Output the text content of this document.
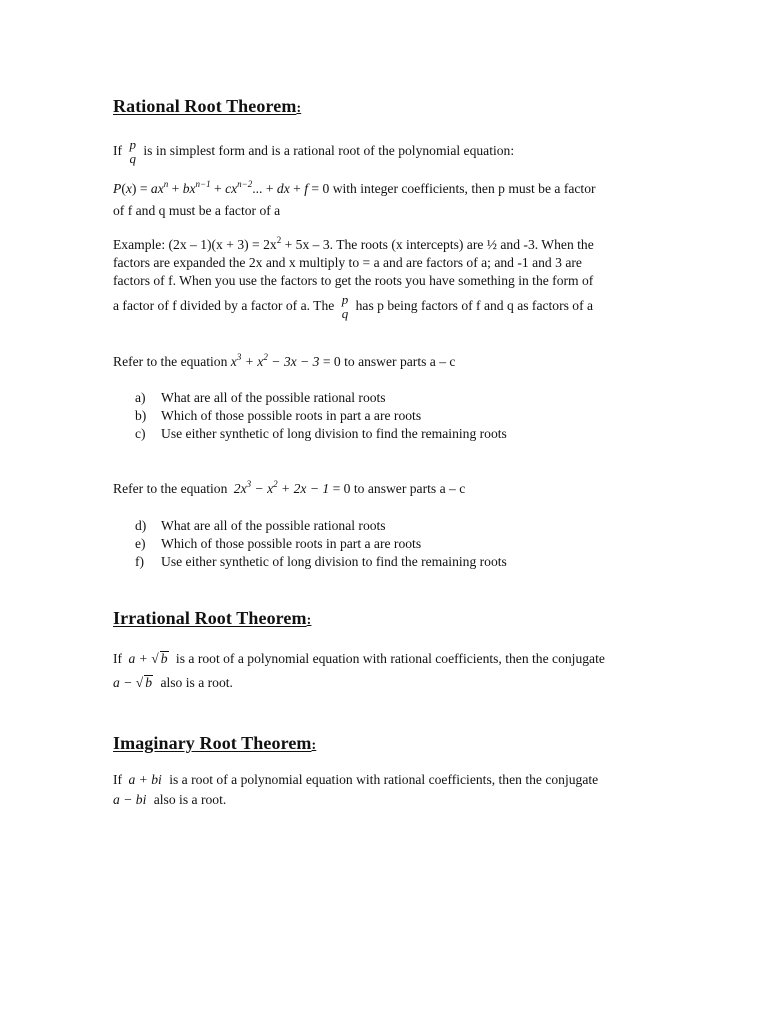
Rational Root Theorem:
If p
q
is in simplest form and is a rational root of the polynomial equation:
$P(x) = ax^n + bx^{n-1} + cx^{n-2}$... + dx + f = 0 with integer coefficients, then p must be a factor
of f and q must be a factor of a
Example: $(2x - 1)(x + 3) = 2x^2 + 5x - 3$. The roots (x intercepts) are ½ and -3. When the
factors are expanded the 2x and x multiply to = a and are factors of a; and -1 and 3 are
factors of f. When you use the factors to get the roots you have something in the form of
a factor of f divided by a factor of a. The p
q
has p being factors of f and q as factors of a
Refer to the equation $x^3 + x^2 - 3x - 3 = 0$ to answer parts a – c
a) What are all of the possible rational roots
b) Which of those possible roots in part a are roots
c) Use either synthetic of long division to find the remaining roots
Refer to the equation $2x^3 - x^2 + 2x - 1 = 0$ to answer parts a – c
d) What are all of the possible rational roots
e) Which of those possible roots in part a are roots
f) Use either synthetic of long division to find the remaining roots
Irrational Root Theorem:
If a + √ b is a root of a polynomial equation with rational coefficients, then the conjugate
a − √ b also is a root.
Imaginary Root Theorem:
If a + bi is a root of a polynomial equation with rational coefficients, then the conjugate
a − bi also is a root.
